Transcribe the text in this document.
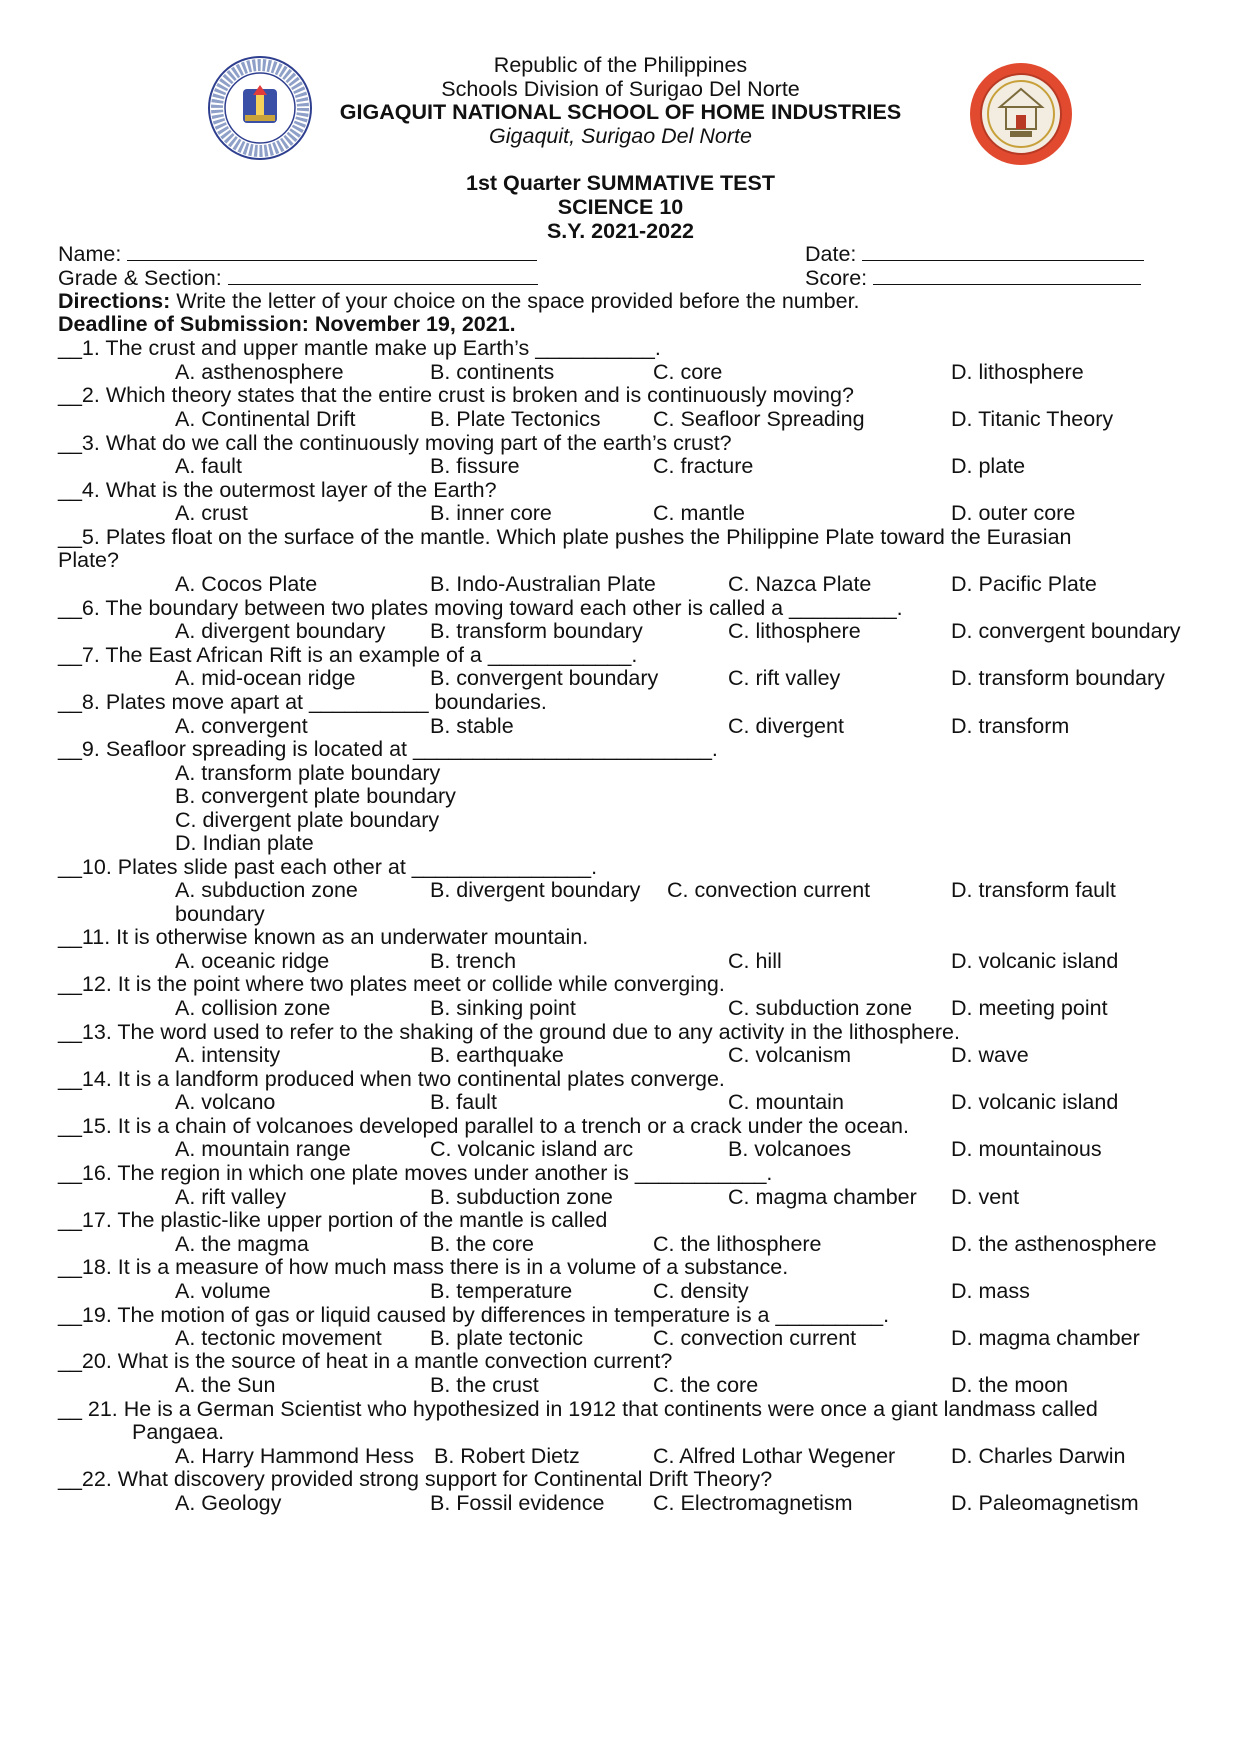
Republic of the Philippines
Schools Division of Surigao Del Norte
GIGAQUIT NATIONAL SCHOOL OF HOME INDUSTRIES
Gigaquit, Surigao Del Norte
1st Quarter SUMMATIVE TEST
SCIENCE 10
S.Y. 2021-2022
Name:	Date:
Grade & Section:	Score:
Directions: Write the letter of your choice on the space provided before the number.
Deadline of Submission: November 19, 2021.
__1. The crust and upper mantle make up Earth’s __________.
A. asthenosphere	B. continents	C. core	D. lithosphere
__2. Which theory states that the entire crust is broken and is continuously moving?
A. Continental Drift	B. Plate Tectonics C. Seafloor Spreading	D. Titanic Theory
__3. What do we call the continuously moving part of the earth’s crust?
A. fault	B. fissure	C. fracture	D. plate
__4. What is the outermost layer of the Earth?
A. crust	B. inner core	C. mantle	D. outer core
__5. Plates float on the surface of the mantle. Which plate pushes the Philippine Plate toward the Eurasian
Plate?
A. Cocos Plate	B. Indo-Australian Plate	C. Nazca Plate	D. Pacific Plate
__6. The boundary between two plates moving toward each other is called a _________.
A. divergent boundary B. transform boundary	C. lithosphere	D. convergent boundary
__7. The East African Rift is an example of a ____________.
A. mid-ocean ridge	B. convergent boundary	C. rift valley	D. transform boundary
__8. Plates move apart at __________ boundaries.
A. convergent	B. stable	C. divergent	D. transform
__9. Seafloor spreading is located at _________________________.
A. transform plate boundary
B. convergent plate boundary
C. divergent plate boundary
D. Indian plate
__10. Plates slide past each other at _______________.
A. subduction zone	B. divergent boundary C. convection current	D. transform fault
boundary
__11. It is otherwise known as an underwater mountain.
A. oceanic ridge	B. trench	C. hill	D. volcanic island
__12. It is the point where two plates meet or collide while converging.
A. collision zone	B. sinking point	C. subduction zone D. meeting point
__13. The word used to refer to the shaking of the ground due to any activity in the lithosphere.
A. intensity	B. earthquake	C. volcanism	D. wave
__14. It is a landform produced when two continental plates converge.
A. volcano	B. fault	C. mountain	D. volcanic island
__15. It is a chain of volcanoes developed parallel to a trench or a crack under the ocean.
A. mountain range	C. volcanic island arc	B. volcanoes	D. mountainous
__16. The region in which one plate moves under another is ___________.
A. rift valley	B. subduction zone	C. magma chamber D. vent
__17. The plastic-like upper portion of the mantle is called
A. the magma	B. the core	C. the lithosphere	D. the asthenosphere
__18. It is a measure of how much mass there is in a volume of a substance.
A. volume	B. temperature	C. density	D. mass
__19. The motion of gas or liquid caused by differences in temperature is a _________.
A. tectonic movement B. plate tectonic	C. convection current	D. magma chamber
__20. What is the source of heat in a mantle convection current?
A. the Sun	B. the crust	C. the core	D. the moon
__ 21. He is a German Scientist who hypothesized in 1912 that continents were once a giant landmass called
Pangaea.
A. Harry Hammond Hess B. Robert Dietz	C. Alfred Lothar Wegener	D. Charles Darwin
__22. What discovery provided strong support for Continental Drift Theory?
A. Geology	B. Fossil evidence C. Electromagnetism	D. Paleomagnetism
